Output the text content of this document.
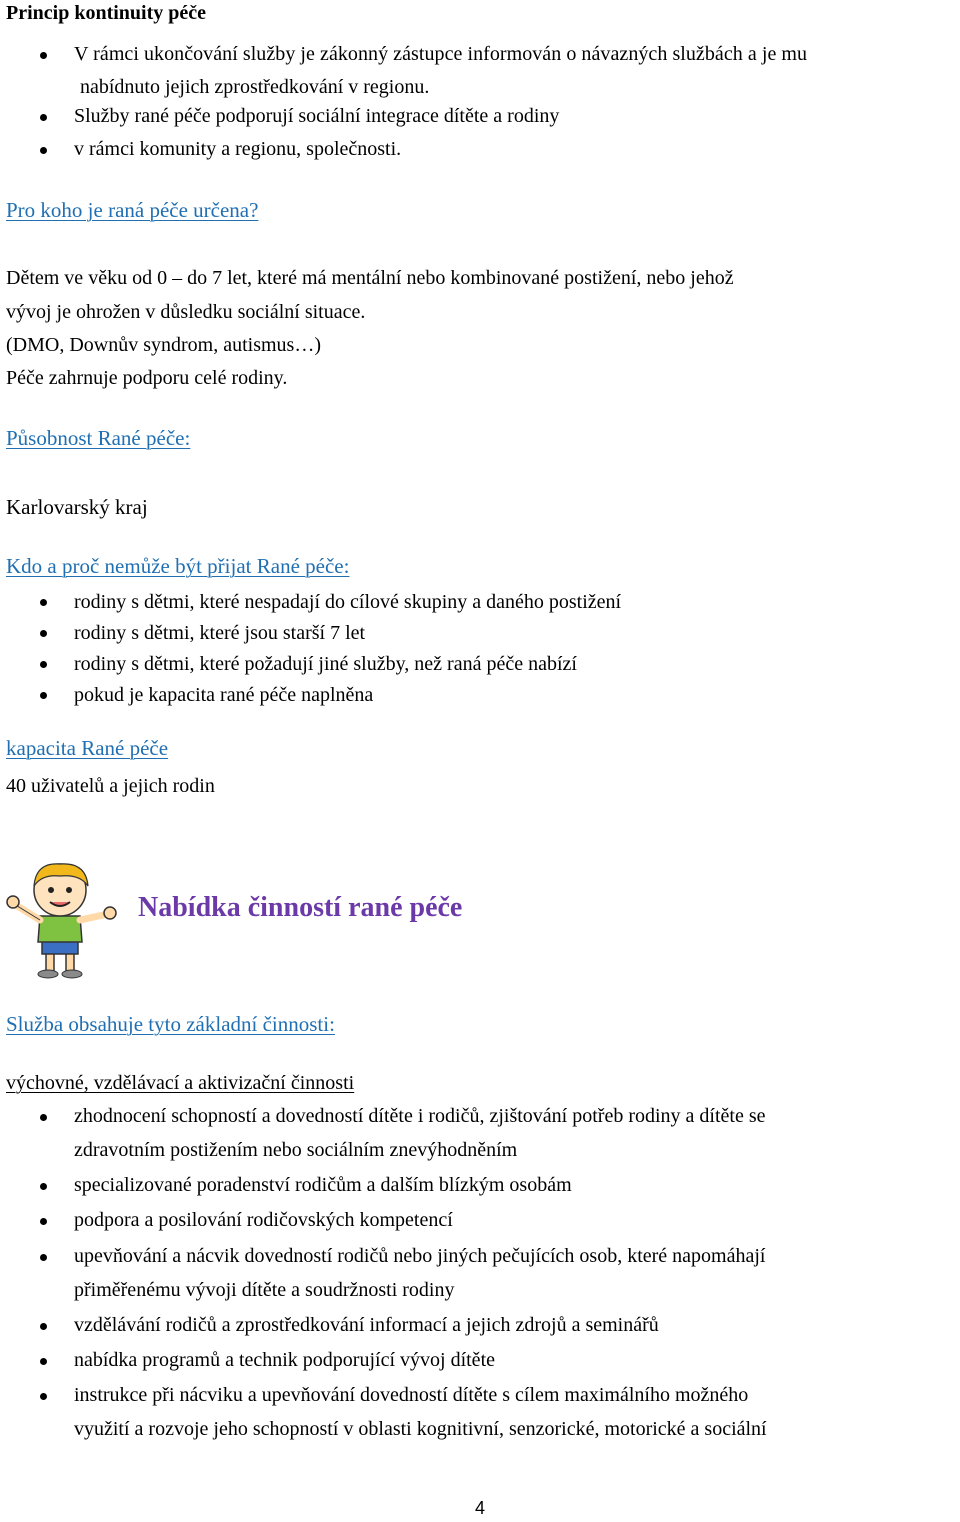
Princip kontinuity péče
V rámci ukončování služby je zákonný zástupce informován o návazných službách a je mu
nabídnuto jejich zprostředkování v regionu.
Služby rané péče podporují sociální integrace dítěte a rodiny
v rámci komunity a regionu, společnosti.
Pro koho je raná péče určena?
Dětem ve věku od 0 – do 7 let, které má mentální nebo kombinované postižení, nebo jehož
vývoj je ohrožen v důsledku sociální situace.
(DMO, Downův syndrom, autismus…)
Péče zahrnuje podporu celé rodiny.
Působnost Rané péče:
Karlovarský kraj
Kdo a proč nemůže být přijat Rané péče:
rodiny s dětmi, které nespadají do cílové skupiny a daného postižení
rodiny s dětmi, které jsou starší 7 let
rodiny s dětmi, které požadují jiné služby, než raná péče nabízí
pokud je kapacita rané péče naplněna
kapacita Rané péče
40 uživatelů a jejich rodin
Nabídka činností rané péče
Služba obsahuje tyto základní činnosti:
výchovné, vzdělávací a aktivizační činnosti
zhodnocení schopností a dovedností dítěte i rodičů, zjištování potřeb rodiny a dítěte se
zdravotním postižením nebo sociálním znevýhodněním
specializované poradenství rodičům a dalším blízkým osobám
podpora a posilování rodičovských kompetencí
upevňování a nácvik dovedností rodičů nebo jiných pečujících osob, které napomáhají
přiměřenému vývoji dítěte a soudržnosti rodiny
vzdělávání rodičů a zprostředkování informací a jejich zdrojů a seminářů
nabídka programů a technik podporující vývoj dítěte
instrukce při nácviku a upevňování dovedností dítěte s cílem maximálního možného
využití a rozvoje jeho schopností v oblasti kognitivní, senzorické, motorické a sociální
4
